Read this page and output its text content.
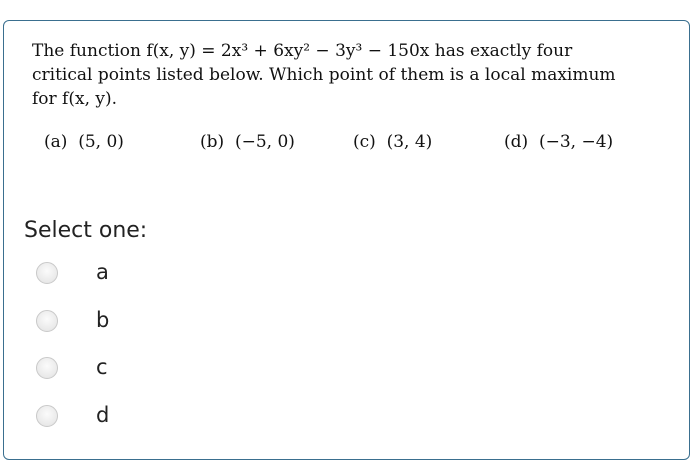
The function f(x, y) = 2x³ + 6xy² − 3y³ − 150x has exactly four
critical points listed below. Which point of them is a local maximum
for f(x, y).
(a) (5, 0)	(b) (−5, 0)	(c) (3, 4)	(d) (−3, −4)
Select one:
a
b
c
d
